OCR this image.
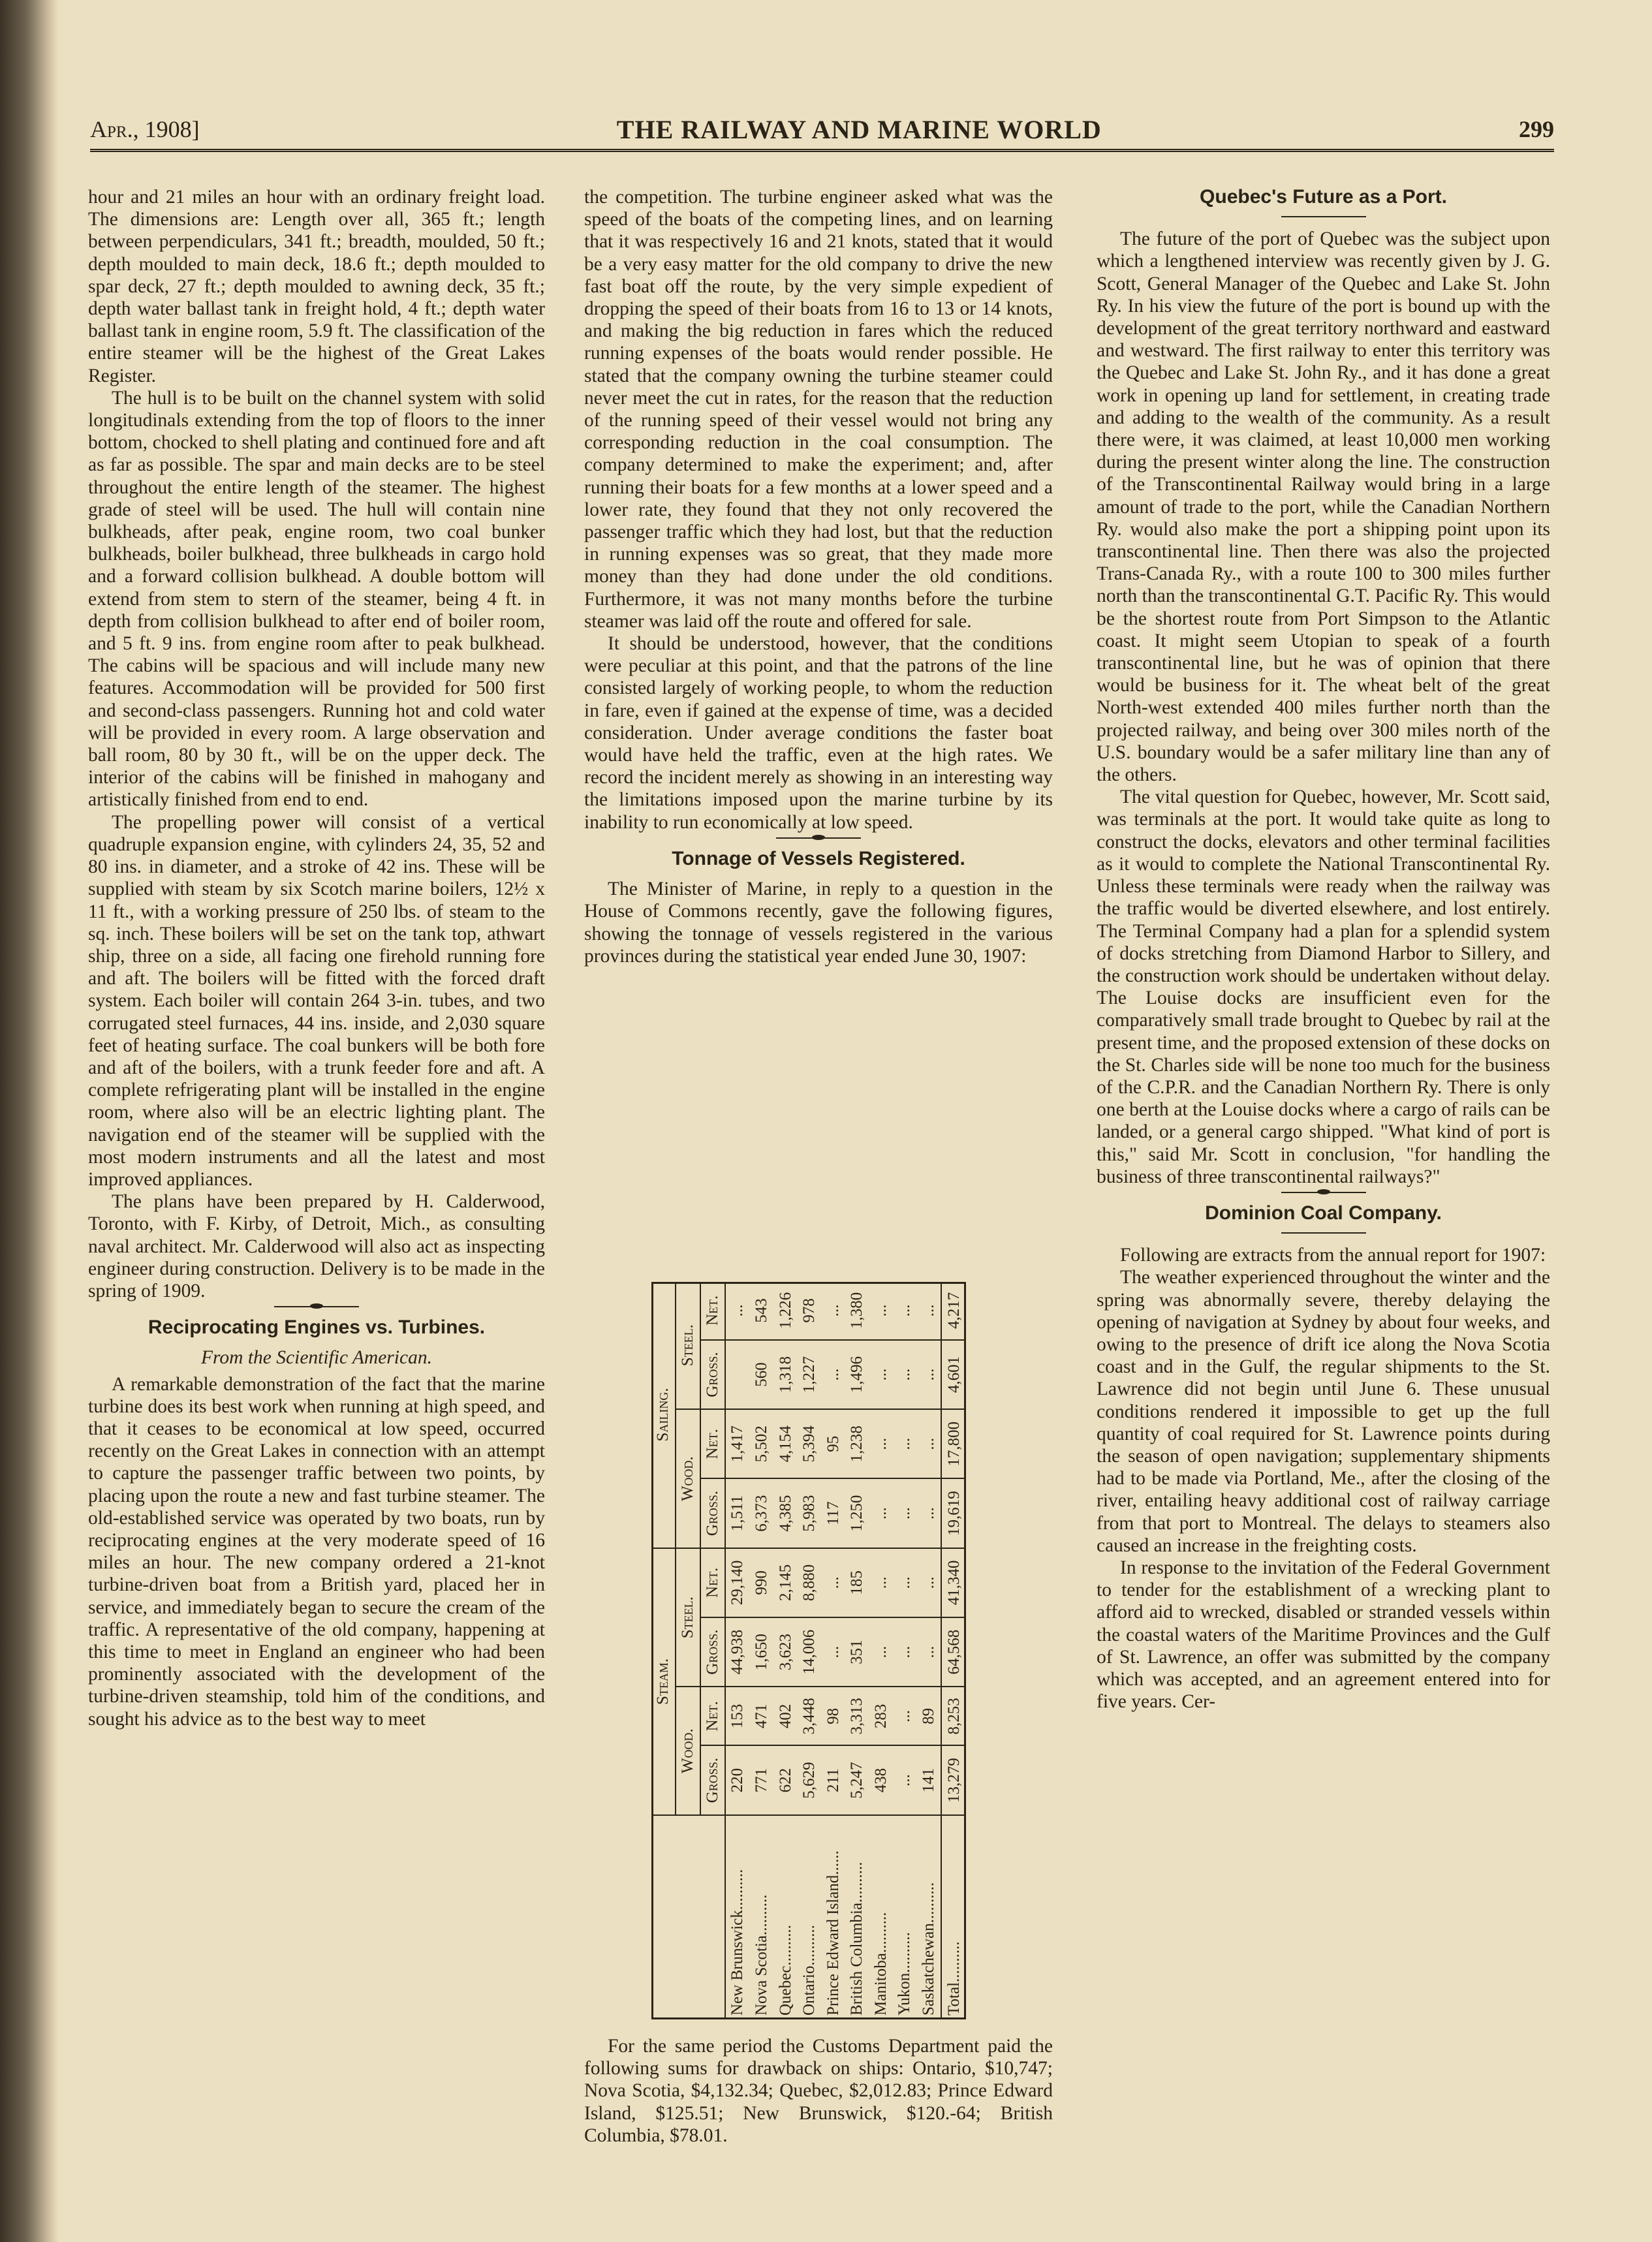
Apr., 1908]	THE RAILWAY AND MARINE WORLD	299

hour and 21 miles an hour with an ordinary freight load. The dimensions are: Length over all, 365 ft.; length between perpendiculars, 341 ft.; breadth, moulded, 50 ft.; depth moulded to main deck, 18.6 ft.; depth moulded to spar deck, 27 ft.; depth moulded to awning deck, 35 ft.; depth water ballast tank in freight hold, 4 ft.; depth water ballast tank in engine room, 5.9 ft. The classification of the entire steamer will be the highest of the Great Lakes Register.

The hull is to be built on the channel system with solid longitudinals extending from the top of floors to the inner bottom, chocked to shell plating and continued fore and aft as far as possible. The spar and main decks are to be steel throughout the entire length of the steamer. The highest grade of steel will be used. The hull will contain nine bulkheads, after peak, engine room, two coal bunker bulkheads, boiler bulkhead, three bulkheads in cargo hold and a forward collision bulkhead. A double bottom will extend from stem to stern of the steamer, being 4 ft. in depth from collision bulkhead to after end of boiler room, and 5 ft. 9 ins. from engine room after to peak bulkhead. The cabins will be spacious and will include many new features. Accommodation will be provided for 500 first and second-class passengers. Running hot and cold water will be provided in every room. A large observation and ball room, 80 by 30 ft., will be on the upper deck. The interior of the cabins will be finished in mahogany and artistically finished from end to end.

The propelling power will consist of a vertical quadruple expansion engine, with cylinders 24, 35, 52 and 80 ins. in diameter, and a stroke of 42 ins. These will be supplied with steam by six Scotch marine boilers, 12½ x 11 ft., with a working pressure of 250 lbs. of steam to the sq. inch. These boilers will be set on the tank top, athwart ship, three on a side, all facing one firehold running fore and aft. The boilers will be fitted with the forced draft system. Each boiler will contain 264 3-in. tubes, and two corrugated steel furnaces, 44 ins. inside, and 2,030 square feet of heating surface. The coal bunkers will be both fore and aft of the boilers, with a trunk feeder fore and aft. A complete refrigerating plant will be installed in the engine room, where also will be an electric lighting plant. The navigation end of the steamer will be supplied with the most modern instruments and all the latest and most improved appliances.

The plans have been prepared by H. Calderwood, Toronto, with F. Kirby, of Detroit, Mich., as consulting naval architect. Mr. Calderwood will also act as inspecting engineer during construction. Delivery is to be made in the spring of 1909.

Reciprocating Engines vs. Turbines.
From the Scientific American.

A remarkable demonstration of the fact that the marine turbine does its best work when running at high speed, and that it ceases to be economical at low speed, occurred recently on the Great Lakes in connection with an attempt to capture the passenger traffic between two points, by placing upon the route a new and fast turbine steamer. The old-established service was operated by two boats, run by reciprocating engines at the very moderate speed of 16 miles an hour. The new company ordered a 21-knot turbine-driven boat from a British yard, placed her in service, and immediately began to secure the cream of the traffic. A representative of the old company, happening at this time to meet in England an engineer who had been prominently associated with the development of the turbine-driven steamship, told him of the conditions, and sought his advice as to the best way to meet

the competition. The turbine engineer asked what was the speed of the boats of the competing lines, and on learning that it was respectively 16 and 21 knots, stated that it would be a very easy matter for the old company to drive the new fast boat off the route, by the very simple expedient of dropping the speed of their boats from 16 to 13 or 14 knots, and making the big reduction in fares which the reduced running expenses of the boats would render possible. He stated that the company owning the turbine steamer could never meet the cut in rates, for the reason that the reduction of the running speed of their vessel would not bring any corresponding reduction in the coal consumption. The company determined to make the experiment; and, after running their boats for a few months at a lower speed and a lower rate, they found that they not only recovered the passenger traffic which they had lost, but that the reduction in running expenses was so great, that they made more money than they had done under the old conditions. Furthermore, it was not many months before the turbine steamer was laid off the route and offered for sale.

It should be understood, however, that the conditions were peculiar at this point, and that the patrons of the line consisted largely of working people, to whom the reduction in fare, even if gained at the expense of time, was a decided consideration. Under average conditions the faster boat would have held the traffic, even at the high rates. We record the incident merely as showing in an interesting way the limitations imposed upon the marine turbine by its inability to run economically at low speed.

Tonnage of Vessels Registered.

The Minister of Marine, in reply to a question in the House of Commons recently, gave the following figures, showing the tonnage of vessels registered in the various provinces during the statistical year ended June 30, 1907:

	Steam.				Sailing.			
	Wood.		Steel.		Wood.		Steel.	
	Gross.	Net.	Gross.	Net.	Gross.	Net.	Gross.	Net.
New Brunswick..........	220	153	44,938	29,140	1,511	1,417		...
Nova Scotia..........	771	471	1,650	990	6,373	5,502	560	543
Quebec..........	622	402	3,623	2,145	4,385	4,154	1,318	1,226
Ontario..........	5,629	3,448	14,006	8,880	5,983	5,394	1,227	978
Prince Edward Island......	211	98	...	...	117	95	...	...
British Columbia..........	5,247	3,313	351	185	1,250	1,238	1,496	1,380
Manitoba..........	438	283	...	...	...	...	...	...
Yukon..........	...	...	...	...	...	...	...	...
Saskatchewan..........	141	89	...	...	...	...	...	...
Total..........	13,279	8,253	64,568	41,340	19,619	17,800	4,601	4,217

For the same period the Customs Department paid the following sums for drawback on ships: Ontario, $10,747; Nova Scotia, $4,132.34; Quebec, $2,012.83; Prince Edward Island, $125.51; New Brunswick, $120.-64; British Columbia, $78.01.

Quebec's Future as a Port.

The future of the port of Quebec was the subject upon which a lengthened interview was recently given by J. G. Scott, General Manager of the Quebec and Lake St. John Ry. In his view the future of the port is bound up with the development of the great territory northward and eastward and westward. The first railway to enter this territory was the Quebec and Lake St. John Ry., and it has done a great work in opening up land for settlement, in creating trade and adding to the wealth of the community. As a result there were, it was claimed, at least 10,000 men working during the present winter along the line. The construction of the Transcontinental Railway would bring in a large amount of trade to the port, while the Canadian Northern Ry. would also make the port a shipping point upon its transcontinental line. Then there was also the projected Trans-Canada Ry., with a route 100 to 300 miles further north than the transcontinental G.T. Pacific Ry. This would be the shortest route from Port Simpson to the Atlantic coast. It might seem Utopian to speak of a fourth transcontinental line, but he was of opinion that there would be business for it. The wheat belt of the great North-west extended 400 miles further north than the projected railway, and being over 300 miles north of the U.S. boundary would be a safer military line than any of the others.

The vital question for Quebec, however, Mr. Scott said, was terminals at the port. It would take quite as long to construct the docks, elevators and other terminal facilities as it would to complete the National Transcontinental Ry. Unless these terminals were ready when the railway was the traffic would be diverted elsewhere, and lost entirely. The Terminal Company had a plan for a splendid system of docks stretching from Diamond Harbor to Sillery, and the construction work should be undertaken without delay. The Louise docks are insufficient even for the comparatively small trade brought to Quebec by rail at the present time, and the proposed extension of these docks on the St. Charles side will be none too much for the business of the C.P.R. and the Canadian Northern Ry. There is only one berth at the Louise docks where a cargo of rails can be landed, or a general cargo shipped. "What kind of port is this," said Mr. Scott in conclusion, "for handling the business of three transcontinental railways?"

Dominion Coal Company.

Following are extracts from the annual report for 1907:

The weather experienced throughout the winter and the spring was abnormally severe, thereby delaying the opening of navigation at Sydney by about four weeks, and owing to the presence of drift ice along the Nova Scotia coast and in the Gulf, the regular shipments to the St. Lawrence did not begin until June 6. These unusual conditions rendered it impossible to get up the full quantity of coal required for St. Lawrence points during the season of open navigation; supplementary shipments had to be made via Portland, Me., after the closing of the river, entailing heavy additional cost of railway carriage from that port to Montreal. The delays to steamers also caused an increase in the freighting costs.

In response to the invitation of the Federal Government to tender for the establishment of a wrecking plant to afford aid to wrecked, disabled or stranded vessels within the coastal waters of the Maritime Provinces and the Gulf of St. Lawrence, an offer was submitted by the company which was accepted, and an agreement entered into for five years. Cer-
